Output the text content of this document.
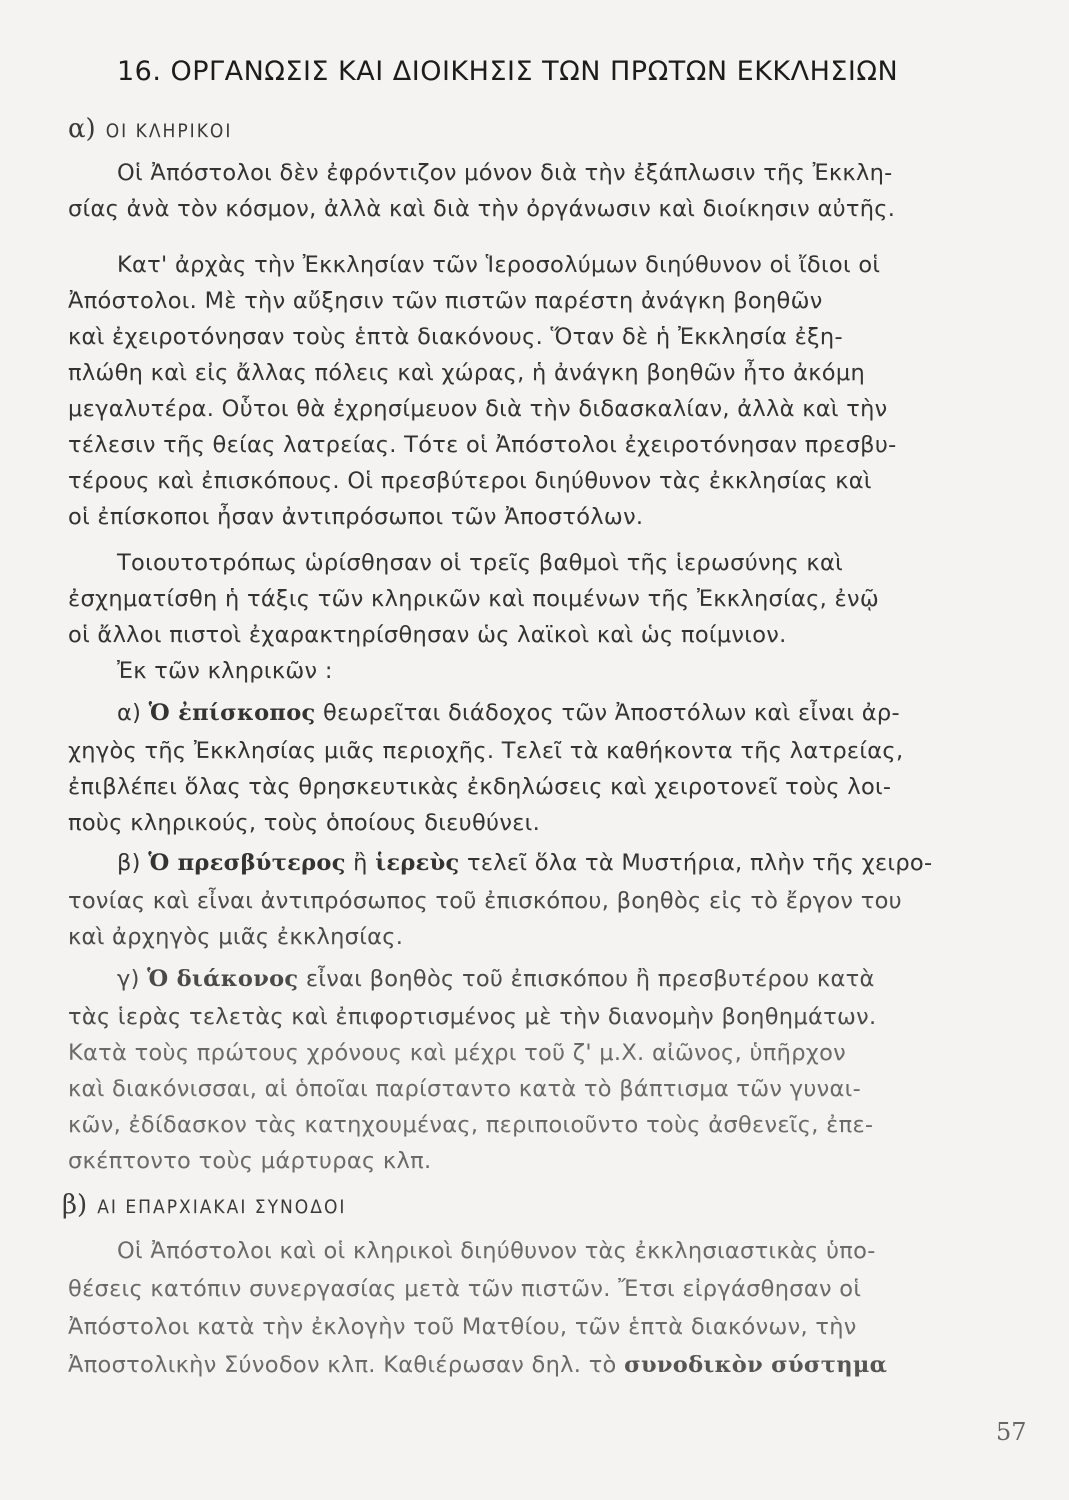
16. ΟΡΓΑΝΩΣΙΣ ΚΑΙ ΔΙΟΙΚΗΣΙΣ ΤΩΝ ΠΡΩΤΩΝ ΕΚΚΛΗΣΙΩΝ
α) ΟΙ ΚΛΗΡΙΚΟΙ
Οἱ Ἀπόστολοι δὲν ἐφρόντιζον μόνον διὰ τὴν ἐξάπλωσιν τῆς Ἐκκλη-
σίας ἀνὰ τὸν κόσμον, ἀλλὰ καὶ διὰ τὴν ὀργάνωσιν καὶ διοίκησιν αὐτῆς.
Κατ' ἀρχὰς τὴν Ἐκκλησίαν τῶν Ἱεροσολύμων διηύθυνον οἱ ἴδιοι οἱ
Ἀπόστολοι. Μὲ τὴν αὔξησιν τῶν πιστῶν παρέστη ἀνάγκη βοηθῶν
καὶ ἐχειροτόνησαν τοὺς ἑπτὰ διακόνους. Ὅταν δὲ ἡ Ἐκκλησία ἐξη-
πλώθη καὶ εἰς ἄλλας πόλεις καὶ χώρας, ἡ ἀνάγκη βοηθῶν ἦτο ἀκόμη
μεγαλυτέρα. Οὗτοι θὰ ἐχρησίμευον διὰ τὴν διδασκαλίαν, ἀλλὰ καὶ τὴν
τέλεσιν τῆς θείας λατρείας. Τότε οἱ Ἀπόστολοι ἐχειροτόνησαν πρεσβυ-
τέρους καὶ ἐπισκόπους. Οἱ πρεσβύτεροι διηύθυνον τὰς ἐκκλησίας καὶ
οἱ ἐπίσκοποι ἦσαν ἀντιπρόσωποι τῶν Ἀποστόλων.
Τοιουτοτρόπως ὡρίσθησαν οἱ τρεῖς βαθμοὶ τῆς ἱερωσύνης καὶ
ἐσχηματίσθη ἡ τάξις τῶν κληρικῶν καὶ ποιμένων τῆς Ἐκκλησίας, ἐνῷ
οἱ ἄλλοι πιστοὶ ἐχαρακτηρίσθησαν ὡς λαϊκοὶ καὶ ὡς ποίμνιον.
Ἐκ τῶν κληρικῶν :
α) Ὁ ἐπίσκοπος θεωρεῖται διάδοχος τῶν Ἀποστόλων καὶ εἶναι ἀρ-
χηγὸς τῆς Ἐκκλησίας μιᾶς περιοχῆς. Τελεῖ τὰ καθήκοντα τῆς λατρείας,
ἐπιβλέπει ὅλας τὰς θρησκευτικὰς ἐκδηλώσεις καὶ χειροτονεῖ τοὺς λοι-
ποὺς κληρικούς, τοὺς ὁποίους διευθύνει.
β) Ὁ πρεσβύτερος ἢ ἱερεὺς τελεῖ ὅλα τὰ Μυστήρια, πλὴν τῆς χειρο-
τονίας καὶ εἶναι ἀντιπρόσωπος τοῦ ἐπισκόπου, βοηθὸς εἰς τὸ ἔργον του
καὶ ἀρχηγὸς μιᾶς ἐκκλησίας.
γ) Ὁ διάκονος εἶναι βοηθὸς τοῦ ἐπισκόπου ἢ πρεσβυτέρου κατὰ
τὰς ἱερὰς τελετὰς καὶ ἐπιφορτισμένος μὲ τὴν διανομὴν βοηθημάτων.
Κατὰ τοὺς πρώτους χρόνους καὶ μέχρι τοῦ ζ' μ.Χ. αἰῶνος, ὑπῆρχον
καὶ διακόνισσαι, αἱ ὁποῖαι παρίσταντο κατὰ τὸ βάπτισμα τῶν γυναι-
κῶν, ἐδίδασκον τὰς κατηχουμένας, περιποιοῦντο τοὺς ἀσθενεῖς, ἐπε-
σκέπτοντο τοὺς μάρτυρας κλπ.
β) ΑΙ ΕΠΑΡΧΙΑΚΑΙ ΣΥΝΟΔΟΙ
Οἱ Ἀπόστολοι καὶ οἱ κληρικοὶ διηύθυνον τὰς ἐκκλησιαστικὰς ὑπο-
θέσεις κατόπιν συνεργασίας μετὰ τῶν πιστῶν. Ἔτσι εἰργάσθησαν οἱ
Ἀπόστολοι κατὰ τὴν ἐκλογὴν τοῦ Ματθίου, τῶν ἑπτὰ διακόνων, τὴν
Ἀποστολικὴν Σύνοδον κλπ. Καθιέρωσαν δηλ. τὸ συνοδικὸν σύστημα
57
